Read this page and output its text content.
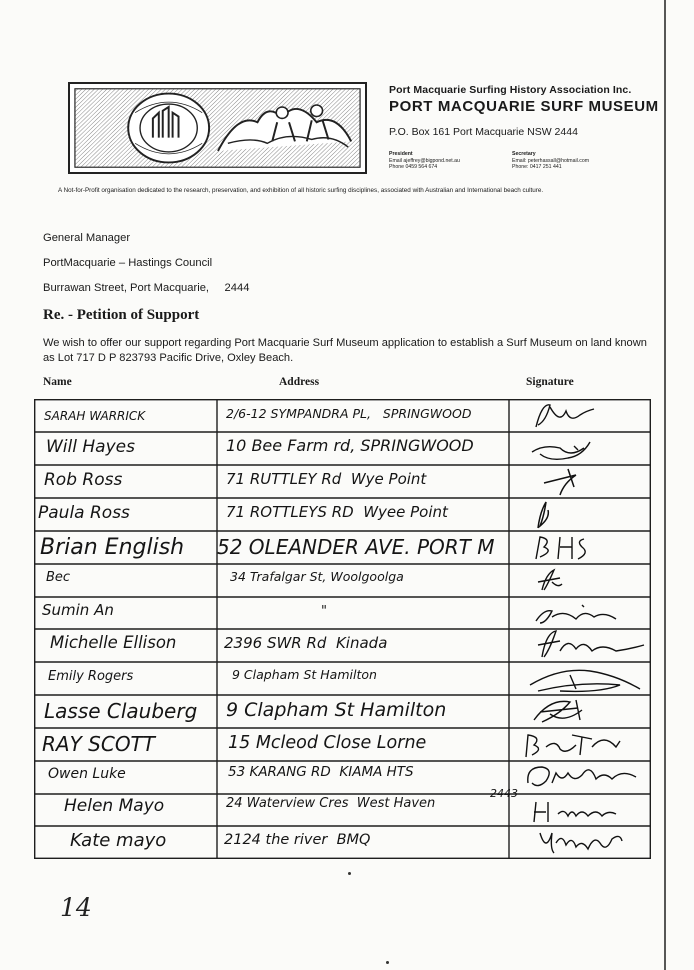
Port Macquarie Surfing History Association Inc.
PORT MACQUARIE SURF MUSEUM
P.O. Box 161 Port Macquarie NSW 2444
President
Email ajeffrey@bigpond.net.au
Phone 0459 564 674
Secretary
Email: peterhassall@hotmail.com
Phone: 0417 251 441
A Not-for-Profit organisation dedicated to the research, preservation, and exhibition of all historic surfing disciplines, associated with Australian and International beach culture.
General Manager
PortMacquarie – Hastings Council
Burrawan Street, Port Macquarie,     2444
Re. - Petition of Support
We wish to offer our support regarding Port Macquarie Surf Museum application to establish a Surf Museum on land known as Lot 717 D P 823793 Pacific Drive, Oxley Beach.
Name	Address	Signature
SARAH WARRICK	2/6-12 SYMPANDRA PL,   SPRINGWOOD
Will Hayes	10 Bee Farm rd, SPRINGWOOD
Rob Ross	71 RUTTLEY Rd  Wye Point
Paula Ross	71 ROTTLEYS RD  Wyee Point
Brian English 52 OLEANDER AVE. PORT M
Bec	34 Trafalgar St, Woolgoolga
Sumin An	"
Michelle Ellison	2396 SWR Rd  Kinada
Emily Rogers	9 Clapham St Hamilton
Lasse Clauberg 9 Clapham St Hamilton
RAY SCOTT	15 Mcleod Close Lorne
Owen Luke	53 KARANG RD  KIAMA HTS
Helen Mayo	24 Waterview Cres  West Haven
2443
Kate mayo	2124 the river  BMQ
14
